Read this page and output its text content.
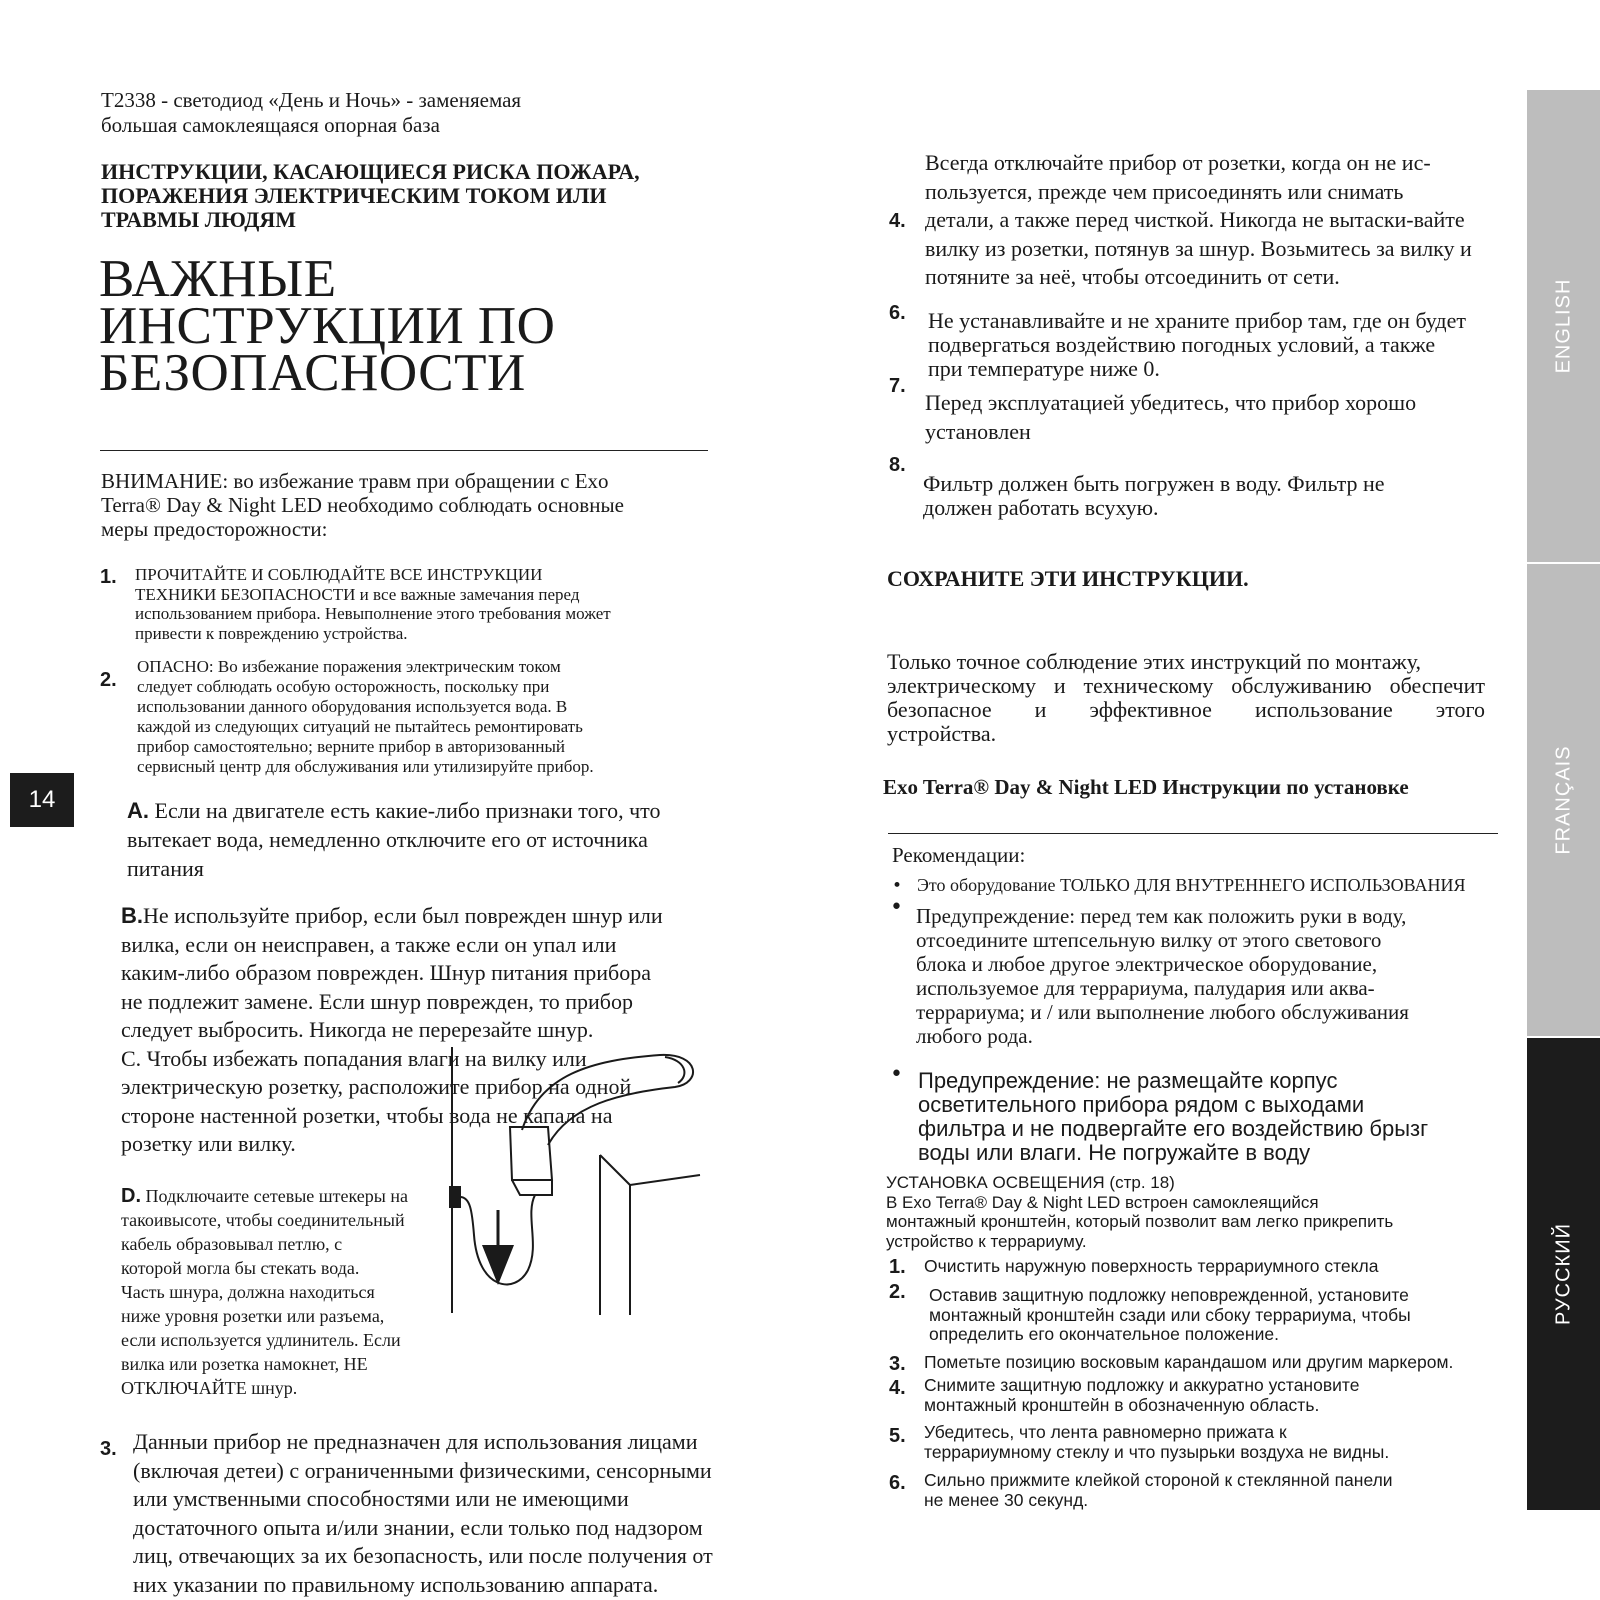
T2338 - светодиод «День и Ночь» - заменяемая

большая самоклеящаяся опорная база

ИНСТРУКЦИИ, КАСАЮЩИЕСЯ РИСКА ПОЖАРА,

ПОРАЖЕНИЯ ЭЛЕКТРИЧЕСКИМ ТОКОМ ИЛИ

ТРАВМЫ ЛЮДЯМ

ВАЖНЫЕ

ИНСТРУКЦИИ ПО

БЕЗОПАСНОСТИ

ВНИМАНИЕ: во избежание травм при обращении с Exo

Terra® Day & Night LED необходимо соблюдать основные

меры предосторожности:

1. ПРОЧИТАЙТЕ И СОБЛЮДАЙТЕ ВСЕ ИНСТРУКЦИИ

ТЕХНИКИ БЕЗОПАСНОСТИ и все важные замечания перед

использованием прибора. Невыполнение этого требования может

привести к повреждению устройства.

2.

ОПАСНО: Во избежание поражения электрическим током

следует соблюдать особую осторожность, поскольку при

использовании данного оборудования используется вода. В

каждой из следующих ситуаций не пытайтесь ремонтировать

прибор самостоятельно; верните прибор в авторизованный

сервисный центр для обслуживания или утилизируйте прибор.

14	A. Если на двигателе есть какие-либо признаки того, что

вытекает вода, немедленно отключите его от источника

питания

B.Не используйте прибор, если был поврежден шнур или

вилка, если он неисправен, а также если он упал или

каким-либо образом поврежден. Шнур питания прибора

не подлежит замене. Если шнур поврежден, то прибор

следует выбросить. Никогда не перерезайте шнур.

C. Чтобы избежать попадания влаги на вилку или

электрическую розетку, расположите прибор на одной

стороне настенной розетки, чтобы вода не капала на

розетку или вилку.

D. Подключаите сетевые штекеры на

такоивысоте, чтобы соединительный

кабель образовывал петлю, с

которой могла бы стекать вода.

Часть шнура, должна находиться

ниже уровня розетки или разъема,

если используется удлинитель. Если

вилка или розетка намокнет, НЕ

ОТКЛЮЧАЙТЕ шнур.

3. Данныи прибор не предназначен для использования лицами

(включая детеи) с ограниченными физическими, сенсорными

или умственными способностями или не имеющими

достаточного опыта и/или знании, если только под надзором

лиц, отвечающих за их безопасность, или после получения от

них указании по правильному использованию аппарата.

4.

Всегда отключайте прибор от розетки, когда он не ис-

пользуется, прежде чем присоединять или снимать

детали, а также перед чисткой. Никогда не вытаски-вайте

вилку из розетки, потянув за шнур. Возьмитесь за вилку и

потяните за неё, чтобы отсоединить от сети.

6. Не устанавливайте и не храните прибор там, где он будет

подвергаться воздействию погодных условий, а также

при температуре ниже 0.

7.

Перед эксплуатацией убедитесь, что прибор хорошо

установлен

8.

Фильтр должен быть погружен в воду. Фильтр не

должен работать всухую.

СОХРАНИТЕ ЭТИ ИНСТРУКЦИИ.

Только точное соблюдение этих инструкций по монтажу,

электрическому и техническому обслуживанию обеспечит

безопасное и эффективное использование этого

устройства.

Exo Terra® Day & Night LED Инструкции по установке
Рекомендации:
• Это оборудование ТОЛЬКО ДЛЯ ВНУТРЕННЕГО ИСПОЛЬЗОВАНИЯ
• Предупреждение: перед тем как положить руки в воду,

отсоедините штепсельную вилку от этого светового

блока и любое другое электрическое оборудование,

используемое для террариума, палудария или аква-

террариума; и / или выполнение любого обслуживания

любого рода.

• Предупреждение: не размещайте корпус

осветительного прибора рядом с выходами

фильтра и не подвергайте его воздействию брызг

воды или влаги. Не погружайте в воду

УСТАНОВКА ОСВЕЩЕНИЯ (стр. 18)

В Exo Terra® Day & Night LED встроен самоклеящийся

монтажный кронштейн, который позволит вам легко прикрепить

устройство к террариуму.

1. Очистить наружную поверхность террариумного стекла
2. Оставив защитную подложку неповрежденной, установите

монтажный кронштейн сзади или сбоку террариума, чтобы

определить его окончательное положение.

3. Пометьте позицию восковым карандашом или другим маркером.
4. Снимите защитную подложку и аккуратно установите

монтажный кронштейн в обозначенную область.

5. Убедитесь, что лента равномерно прижата к

террариумному стеклу и что пузырьки воздуха не видны.

6. Сильно прижмите клейкой стороной к стеклянной панели

не менее 30 секунд.

ENGLISH
FRANÇAIS
РУССКИЙ
